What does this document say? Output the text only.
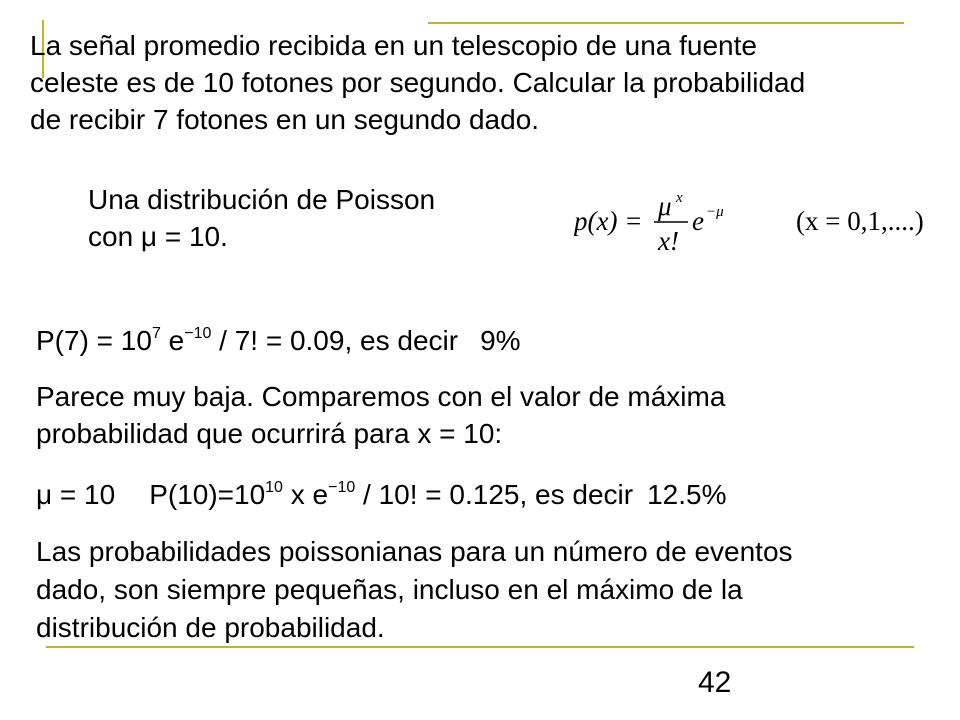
La señal promedio recibida en un telescopio de una fuente
celeste es de 10 fotones por segundo. Calcular la probabilidad
de recibir 7 fotones en un segundo dado.
Una distribución de Poisson
con μ = 10.	p(x) = μ x
x!
e −μ	(x = 0,1,....)
$P(7) = 10^7$ $e^{-10} / 7$! = 0.09, es decir 9%
Parece muy baja. Comparemos con el valor de máxima
probabilidad que ocurrirá para x = 10:
μ = 10 $P(10)=10^{10}$ x $e^{-10} / 10$! = 0.125, es decir 12.5%
Las probabilidades poissonianas para un número de eventos
dado, son siempre pequeñas, incluso en el máximo de la
distribución de probabilidad.
42
